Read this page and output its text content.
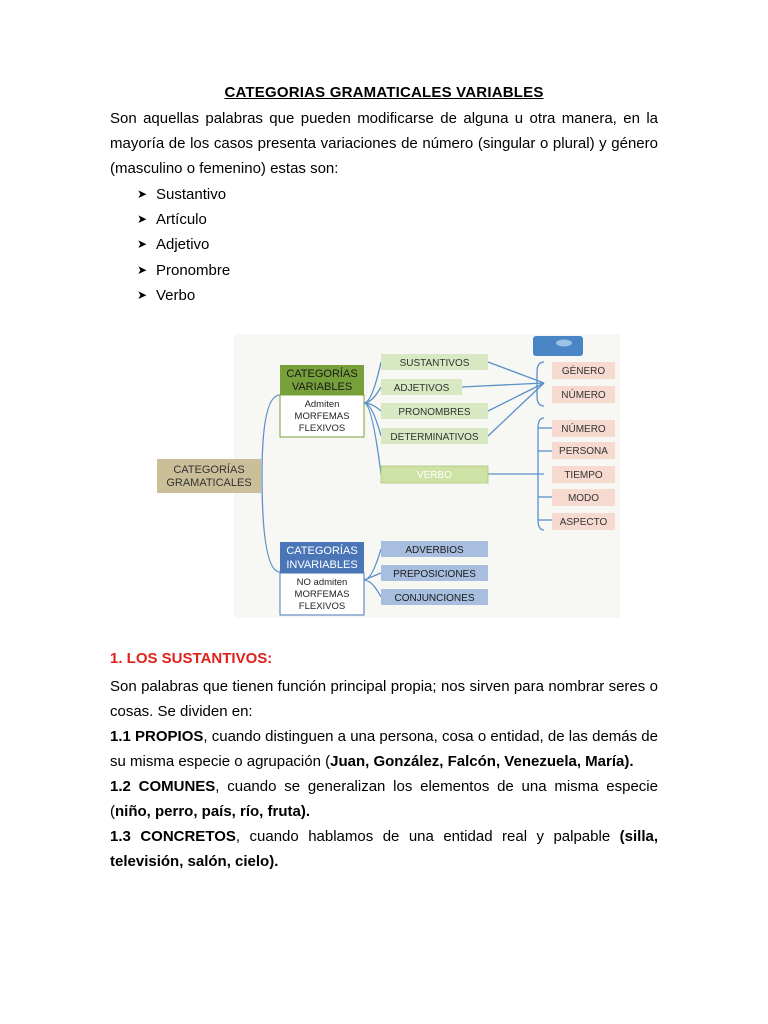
CATEGORIAS GRAMATICALES VARIABLES
Son aquellas palabras que pueden modificarse de alguna u otra manera, en la mayoría de los casos presenta variaciones de número (singular o plural) y género (masculino o femenino) estas son:
➤ Sustantivo
➤ Artículo
➤ Adjetivo
➤ Pronombre
➤ Verbo
CATEGORÍAS
GRAMATICALES
CATEGORÍAS
VARIABLES
Admiten
MORFEMAS
FLEXIVOS
CATEGORÍAS
INVARIABLES
NO admiten
MORFEMAS
FLEXIVOS
SUSTANTIVOS
ADJETIVOS
PRONOMBRES
DETERMINATIVOS
VERBO
ADVERBIOS
PREPOSICIONES
CONJUNCIONES
GÉNERO
NÚMERO
NÚMERO
PERSONA
TIEMPO
MODO
ASPECTO
1. LOS SUSTANTIVOS:

Son palabras que tienen función principal propia; nos sirven para nombrar seres o cosas. Se dividen en:

1.1 PROPIOS, cuando distinguen a una persona, cosa o entidad, de las demás de su misma especie o agrupación (Juan, González, Falcón, Venezuela, María).

1.2 COMUNES, cuando se generalizan los elementos de una misma especie (niño, perro, país, río, fruta).

1.3 CONCRETOS, cuando hablamos de una entidad real y palpable (silla, televisión, salón, cielo).
